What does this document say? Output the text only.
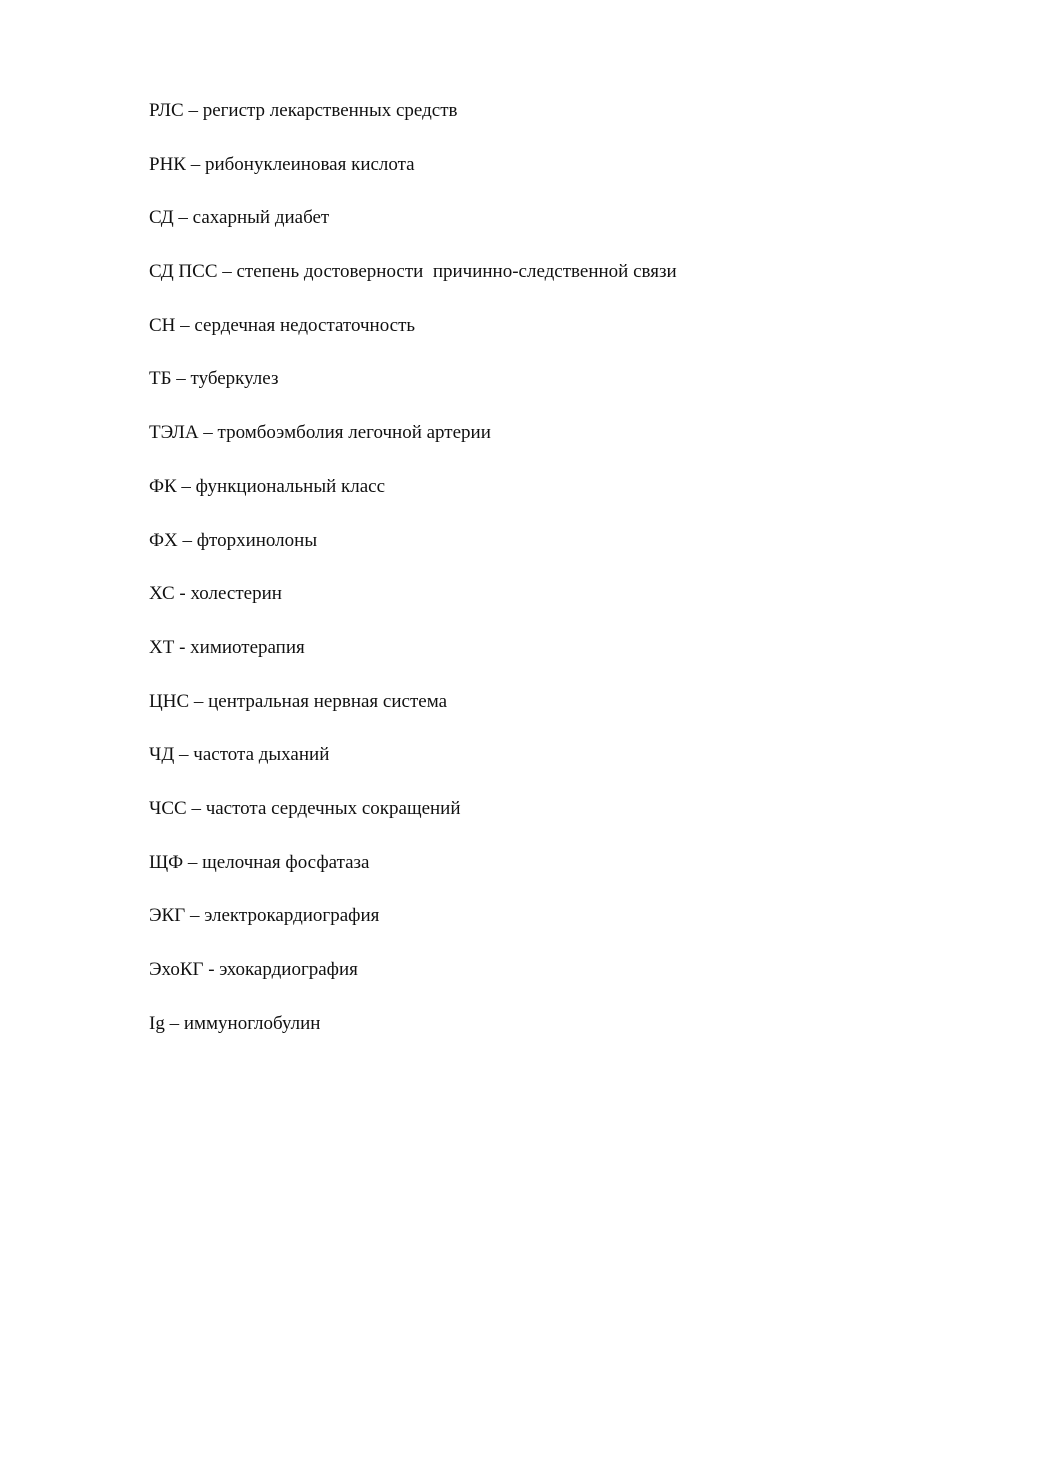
РЛС – регистр лекарственных средств
РНК – рибонуклеиновая кислота
СД – сахарный диабет
СД ПСС – степень достоверности  причинно-следственной связи
СН – сердечная недостаточность
ТБ – туберкулез
ТЭЛА – тромбоэмболия легочной артерии
ФК – функциональный класс
ФХ – фторхинолоны
ХС - холестерин
ХТ - химиотерапия
ЦНС – центральная нервная система
ЧД – частота дыханий
ЧСС – частота сердечных сокращений
ЩФ – щелочная фосфатаза
ЭКГ – электрокардиография
ЭхоКГ - эхокардиография
Ig – иммуноглобулин
